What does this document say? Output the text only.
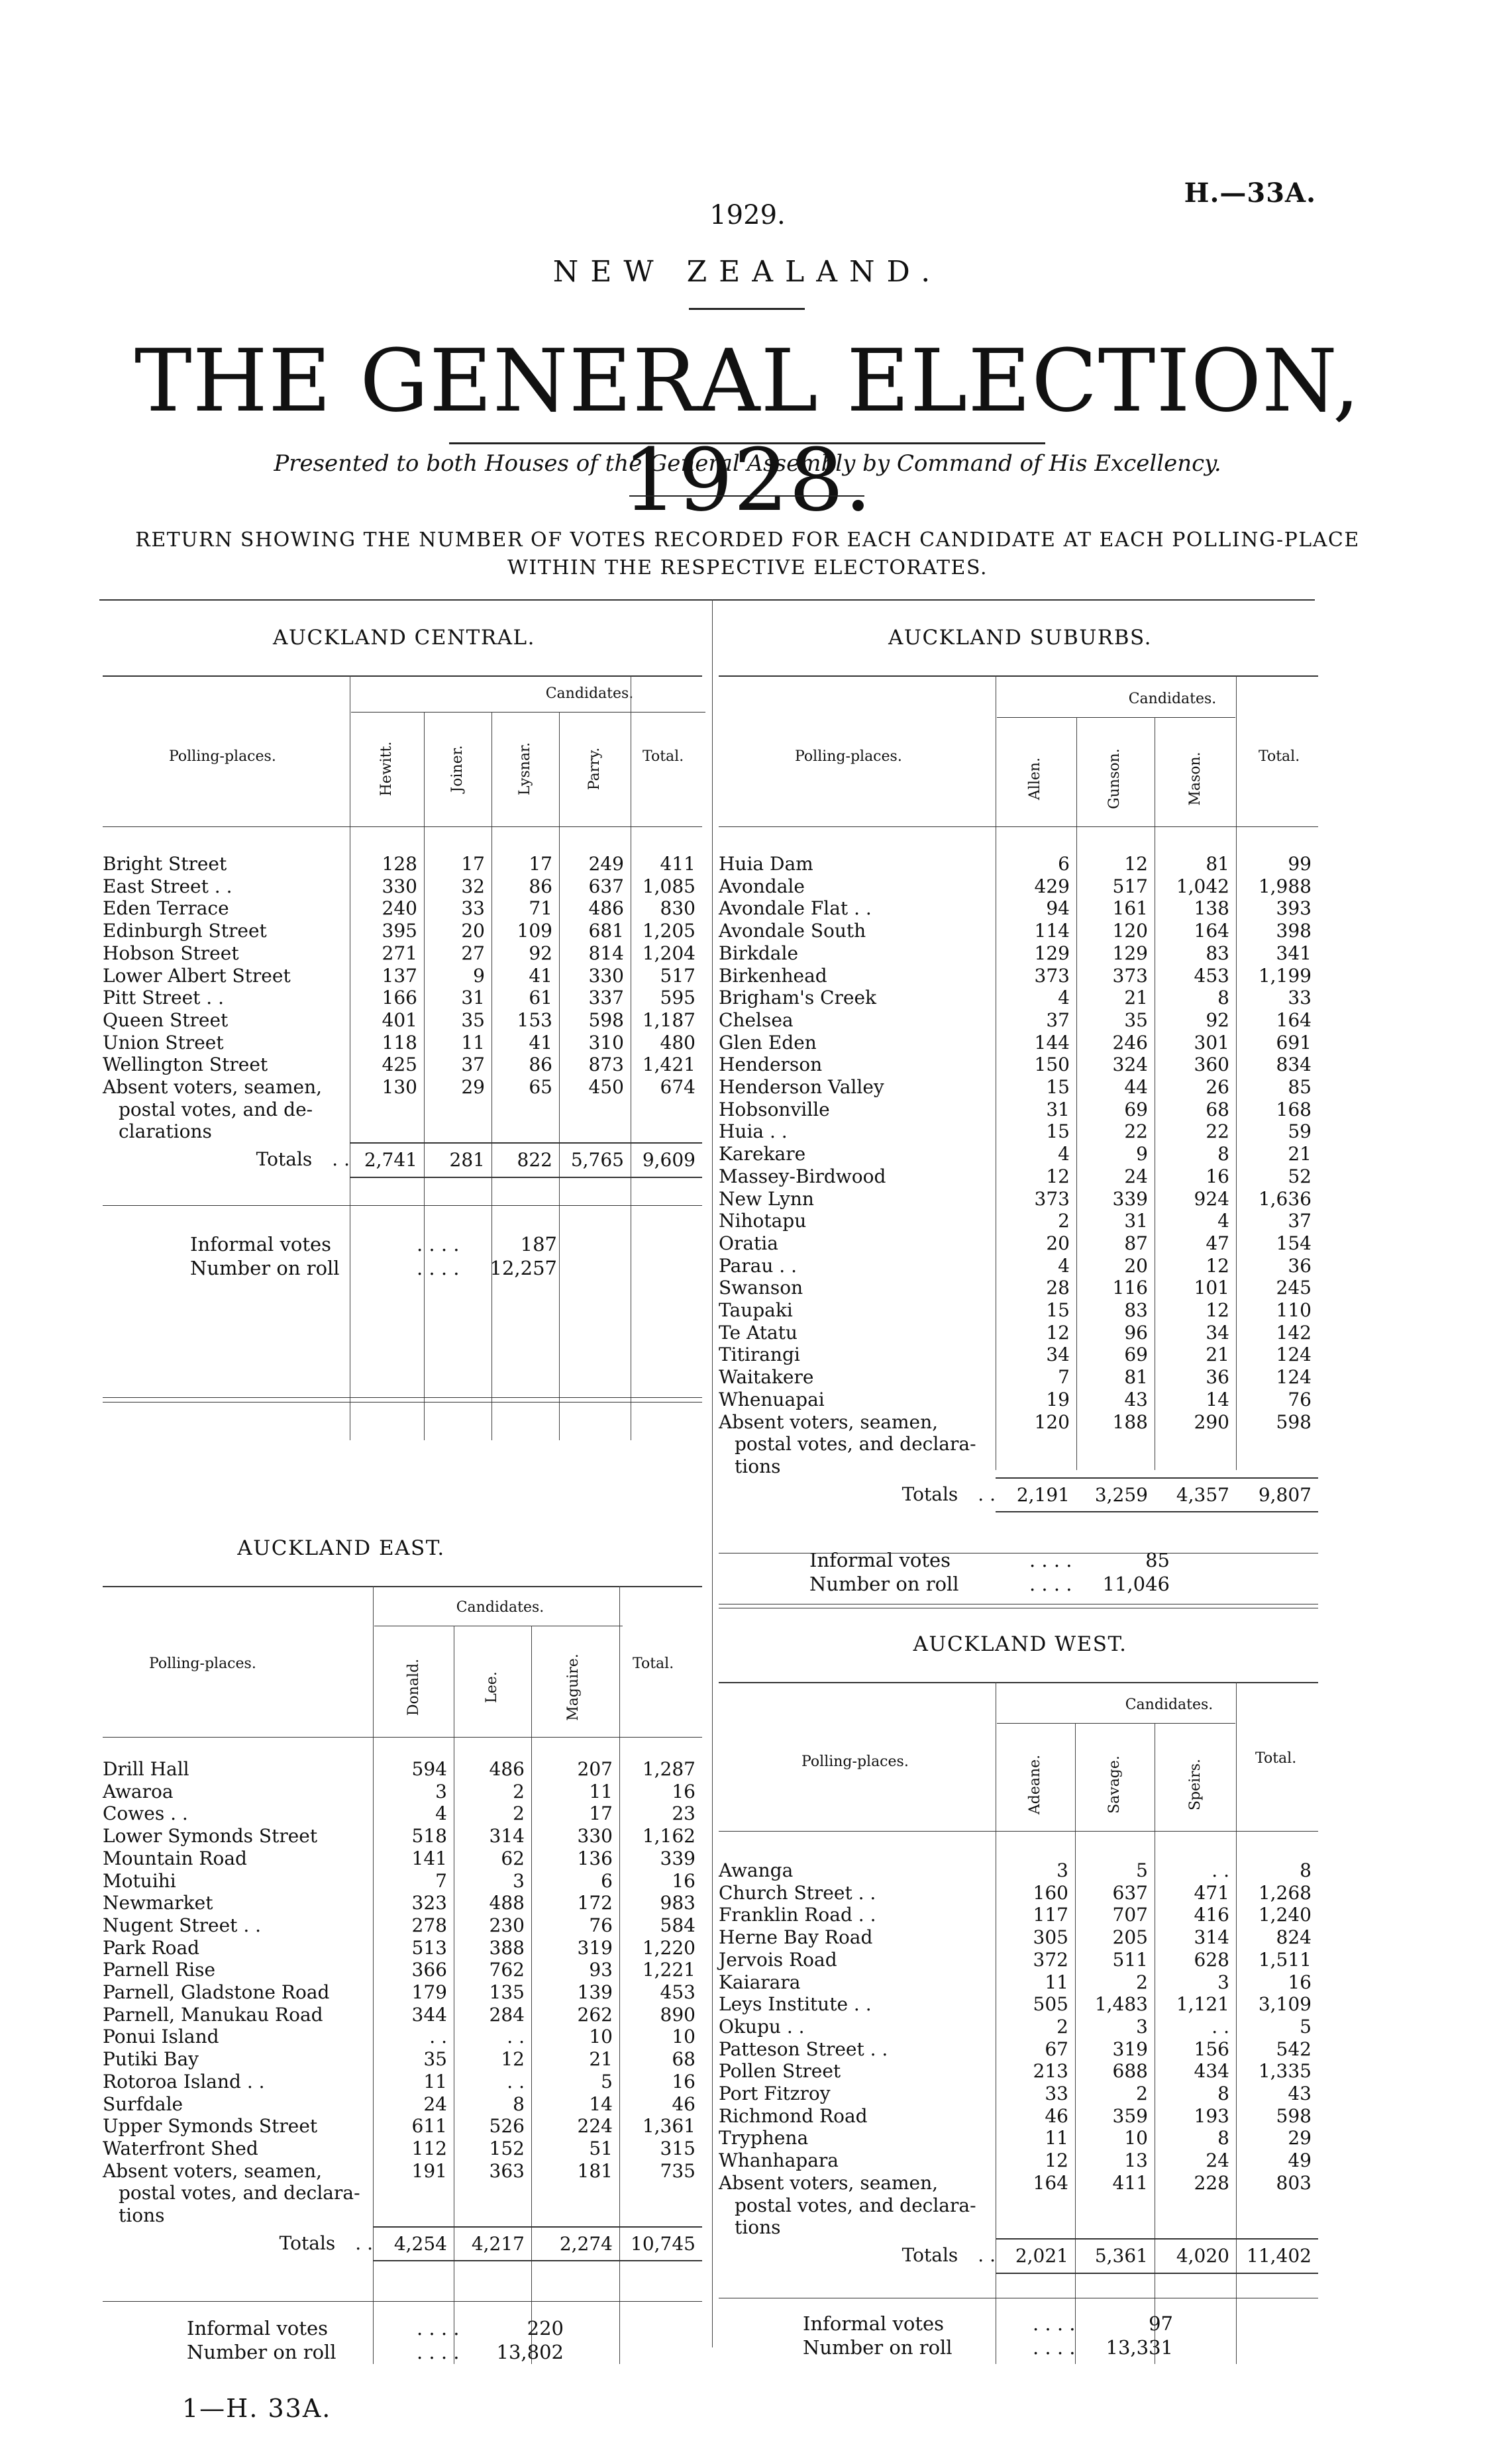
H.—33A.
1929.
NEW ZEALAND.
THE GENERAL ELECTION, 1928.
Presented to both Houses of the General Assembly by Command of His Excellency.
RETURN SHOWING THE NUMBER OF VOTES RECORDED FOR EACH CANDIDATE AT EACH POLLING-PLACE
WITHIN THE RESPECTIVE ELECTORATES.
AUCKLAND CENTRAL.
Candidates.
Polling-places.	Total.
Hewitt.	Joiner.	Lysnar.	Parry.
Bright Street	128	17	17	249	411
East Street . .	330	32	86	637	1,085
Eden Terrace	240	33	71	486	830
Edinburgh Street	395	20	109	681	1,205
Hobson Street	271	27	92	814	1,204
Lower Albert Street	137	9	41	330	517
Pitt Street . .	166	31	61	337	595
Queen Street	401	35	153	598	1,187
Union Street	118	11	41	310	480
Wellington Street	425	37	86	873	1,421

Absent voters, seamen,
postal votes, and de-
clarations	130	29	65	450	674
Totals . .	2,741	281	822	5,765	9,609
Informal votes	. . . .	187
Number on roll	. . . .	12,257
AUCKLAND SUBURBS.
Candidates.
Polling-places.	Total.
Allen.	Gunson.	Mason.
Huia Dam	6	12	81	99
Avondale	429	517	1,042	1,988
Avondale Flat . .	94	161	138	393
Avondale South	114	120	164	398
Birkdale	129	129	83	341
Birkenhead	373	373	453	1,199
Brigham's Creek	4	21	8	33
Chelsea	37	35	92	164
Glen Eden	144	246	301	691
Henderson	150	324	360	834
Henderson Valley	15	44	26	85
Hobsonville	31	69	68	168
Huia . .	15	22	22	59
Karekare	4	9	8	21
Massey-Birdwood	12	24	16	52
New Lynn	373	339	924	1,636
Nihotapu	2	31	4	37
Oratia	20	87	47	154
Parau . .	4	20	12	36
Swanson	28	116	101	245
Taupaki	15	83	12	110
Te Atatu	12	96	34	142
Titirangi	34	69	21	124
Waitakere	7	81	36	124
Whenuapai	19	43	14	76

Absent voters, seamen,
postal votes, and declara-
tions	120	188	290	598
Totals . .	2,191	3,259	4,357	9,807
Informal votes	. . . .	85
Number on roll	. . . .	11,046
AUCKLAND EAST.
Candidates.
Polling-places.	Total.
Donald.	Lee.	Maguire.
Drill Hall	594	486	207	1,287
Awaroa	3	2	11	16
Cowes . .	4	2	17	23
Lower Symonds Street	518	314	330	1,162
Mountain Road	141	62	136	339
Motuihi	7	3	6	16
Newmarket	323	488	172	983
Nugent Street . .	278	230	76	584
Park Road	513	388	319	1,220
Parnell Rise	366	762	93	1,221
Parnell, Gladstone Road	179	135	139	453
Parnell, Manukau Road	344	284	262	890
Ponui Island	. .	. .	10	10
Putiki Bay	35	12	21	68
Rotoroa Island . .	11	. .	5	16
Surfdale	24	8	14	46
Upper Symonds Street	611	526	224	1,361
Waterfront Shed	112	152	51	315

Absent voters, seamen,
postal votes, and declara-
tions	191	363	181	735
Totals . .	4,254	4,217	2,274	10,745
Informal votes	. . . .	220
Number on roll	. . . .	13,802
AUCKLAND WEST.
Candidates.
Polling-places.	Total.
Adeane.	Savage.	Speirs.
Awanga	3	5	. .	8
Church Street . .	160	637	471	1,268
Franklin Road . .	117	707	416	1,240
Herne Bay Road	305	205	314	824
Jervois Road	372	511	628	1,511
Kaiarara	11	2	3	16
Leys Institute . .	505	1,483	1,121	3,109
Okupu . .	2	3	. .	5
Patteson Street . .	67	319	156	542
Pollen Street	213	688	434	1,335
Port Fitzroy	33	2	8	43
Richmond Road	46	359	193	598
Tryphena	11	10	8	29
Whanhapara	12	13	24	49

Absent voters, seamen,
postal votes, and declara-
tions	164	411	228	803
Totals . .	2,021	5,361	4,020	11,402
Informal votes	. . . .	97
Number on roll	. . . .	13,331
1—H. 33A.
